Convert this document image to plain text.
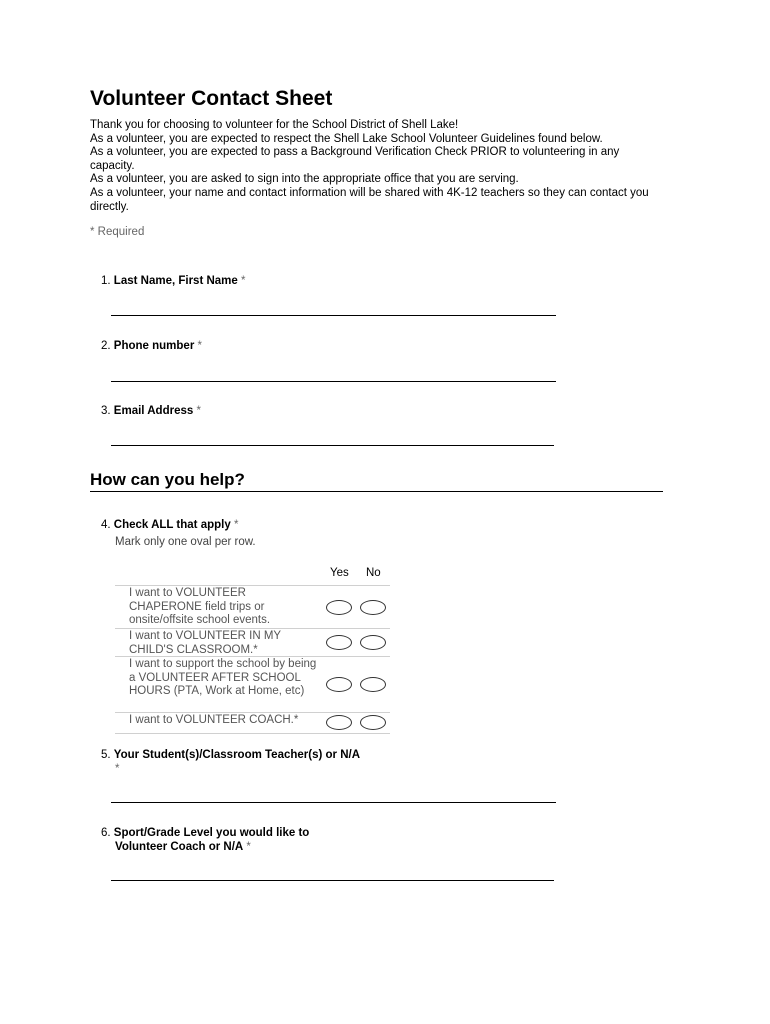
Volunteer Contact Sheet

Thank you for choosing to volunteer for the School District of Shell Lake!

As a volunteer, you are expected to respect the Shell Lake School Volunteer Guidelines found below.

As a volunteer, you are expected to pass a Background Verification Check PRIOR to volunteering in any capacity.

As a volunteer, you are asked to sign into the appropriate office that you are serving.

As a volunteer, your name and contact information will be shared with 4K-12 teachers so they can contact you directly.

* Required
1. Last Name, First Name *
2. Phone number *
3. Email Address *
How can you help?
4. Check ALL that apply *
Mark only one oval per row.
Yes No
I want to VOLUNTEER CHAPERONE field trips or onsite/offsite school events.
I want to VOLUNTEER IN MY CHILD'S CLASSROOM.*
I want to support the school by being a VOLUNTEER AFTER SCHOOL HOURS (PTA, Work at Home, etc)
I want to VOLUNTEER COACH.*
5. Your Student(s)/Classroom Teacher(s) or N/A
*
6. Sport/Grade Level you would like to
Volunteer Coach or N/A *
